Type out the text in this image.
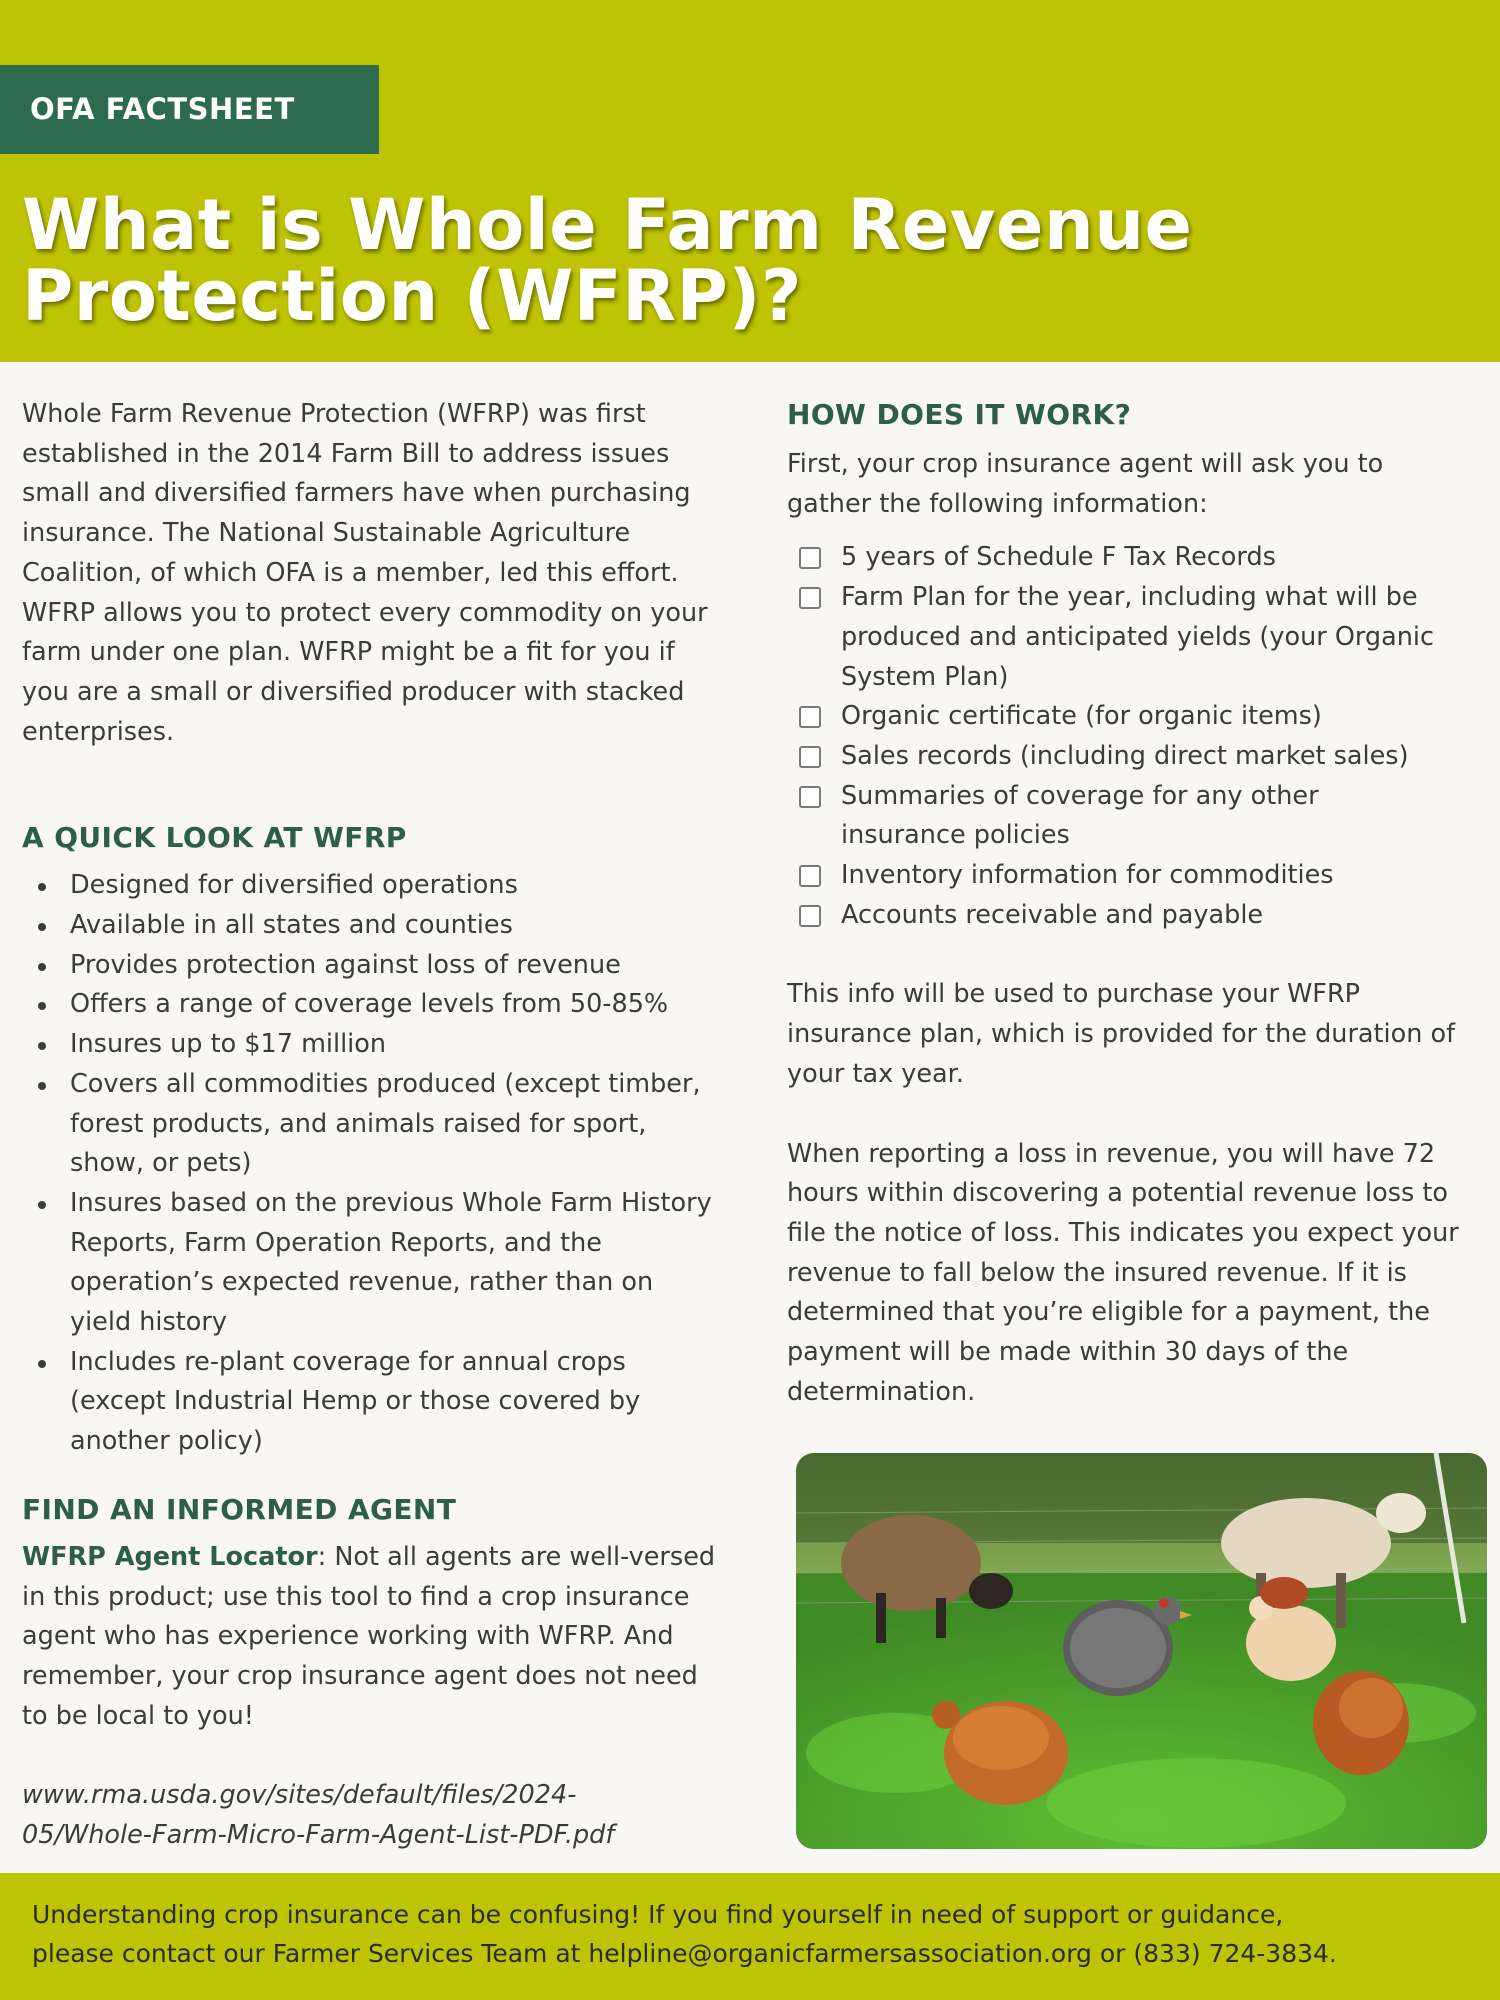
OFA FACTSHEET
What is Whole Farm Revenue
Protection (WFRP)?

Whole Farm Revenue Protection (WFRP) was first established in the 2014 Farm Bill to address issues small and diversified farmers have when purchasing insurance. The National Sustainable Agriculture Coalition, of which OFA is a member, led this effort. WFRP allows you to protect every commodity on your farm under one plan. WFRP might be a fit for you if you are a small or diversified producer with stacked enterprises.

A QUICK LOOK AT WFRP
Designed for diversified operations
Available in all states and counties
Provides protection against loss of revenue
Offers a range of coverage levels from 50-85%
Insures up to $17 million
Covers all commodities produced (except timber, forest products, and animals raised for sport, show, or pets)
Insures based on the previous Whole Farm History Reports, Farm Operation Reports, and the operation’s expected revenue, rather than on yield history
Includes re-plant coverage for annual crops (except Industrial Hemp or those covered by another policy)
FIND AN INFORMED AGENT

WFRP Agent Locator: Not all agents are well-versed in this product; use this tool to find a crop insurance agent who has experience working with WFRP. And remember, your crop insurance agent does not need to be local to you!

www.rma.usda.gov/sites/default/files/2024-
05/Whole-Farm-Micro-Farm-Agent-List-PDF.pdf

HOW DOES IT WORK?

First, your crop insurance agent will ask you to gather the following information:

5 years of Schedule F Tax Records
Farm Plan for the year, including what will be produced and anticipated yields (your Organic System Plan)
Organic certificate (for organic items)
Sales records (including direct market sales)
Summaries of coverage for any other insurance policies
Inventory information for commodities
Accounts receivable and payable

This info will be used to purchase your WFRP insurance plan, which is provided for the duration of your tax year.

When reporting a loss in revenue, you will have 72 hours within discovering a potential revenue loss to file the notice of loss. This indicates you expect your revenue to fall below the insured revenue. If it is determined that you’re eligible for a payment, the payment will be made within 30 days of the determination.

Understanding crop insurance can be confusing! If you find yourself in need of support or guidance,
please contact our Farmer Services Team at helpline@organicfarmersassociation.org or (833) 724-3834.
